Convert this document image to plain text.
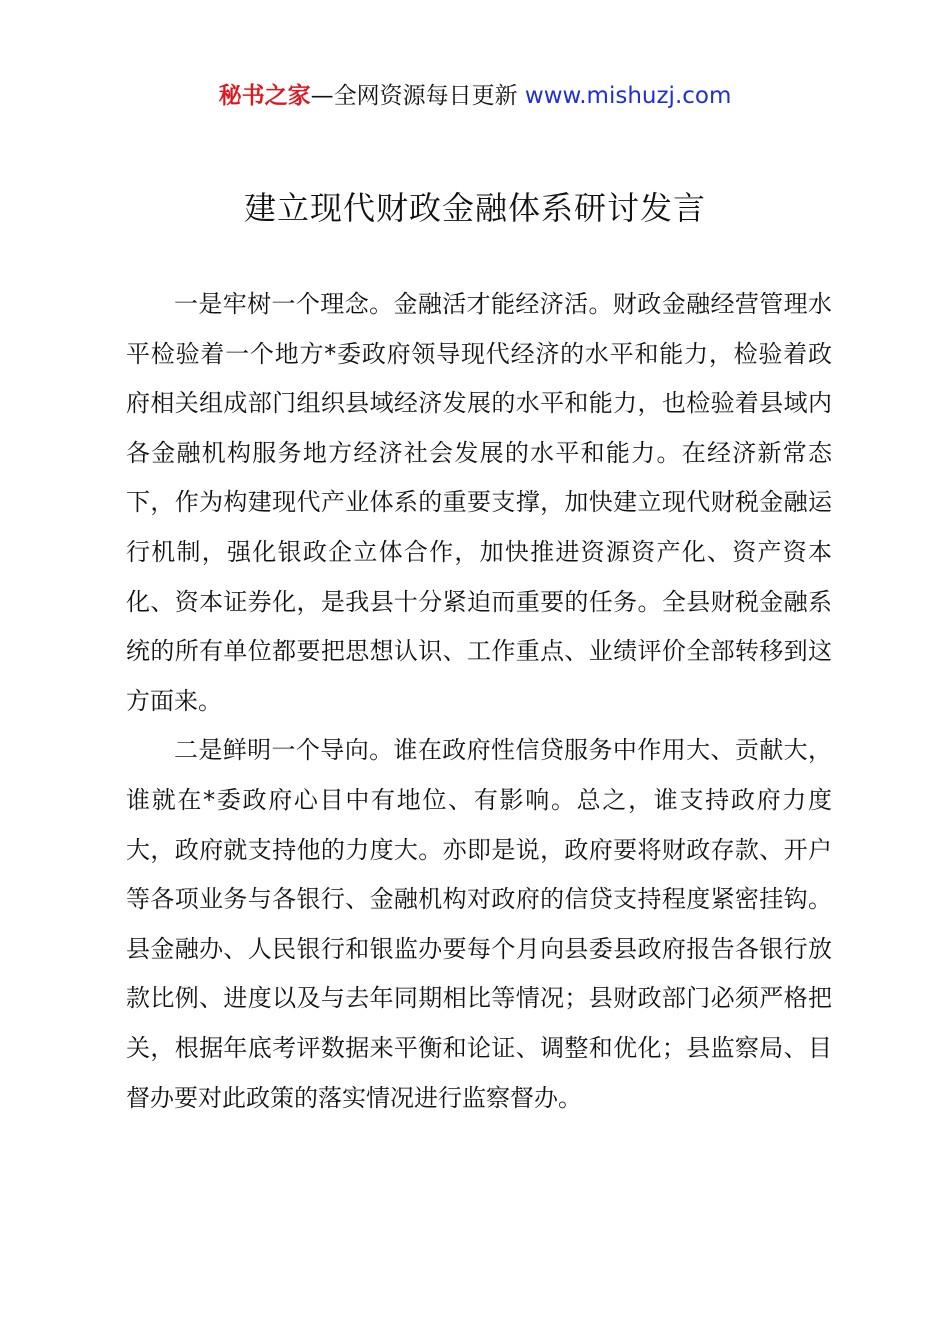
秘书之家—全网资源每日更新 www.mishuzj.com
建立现代财政金融体系研讨发言

一是牢树一个理念。金融活才能经济活。财政金融经营管理水平检验着一个地方*委政府领导现代经济的水平和能力，检验着政府相关组成部门组织县域经济发展的水平和能力，也检验着县域内各金融机构服务地方经济社会发展的水平和能力。在经济新常态下，作为构建现代产业体系的重要支撑，加快建立现代财税金融运行机制，强化银政企立体合作，加快推进资源资产化、资产资本化、资本证券化，是我县十分紧迫而重要的任务。全县财税金融系统的所有单位都要把思想认识、工作重点、业绩评价全部转移到这方面来。

二是鲜明一个导向。谁在政府性信贷服务中作用大、贡献大，谁就在*委政府心目中有地位、有影响。总之，谁支持政府力度大，政府就支持他的力度大。亦即是说，政府要将财政存款、开户等各项业务与各银行、金融机构对政府的信贷支持程度紧密挂钩。县金融办、人民银行和银监办要每个月向县委县政府报告各银行放款比例、进度以及与去年同期相比等情况；县财政部门必须严格把关，根据年底考评数据来平衡和论证、调整和优化；县监察局、目督办要对此政策的落实情况进行监察督办。
